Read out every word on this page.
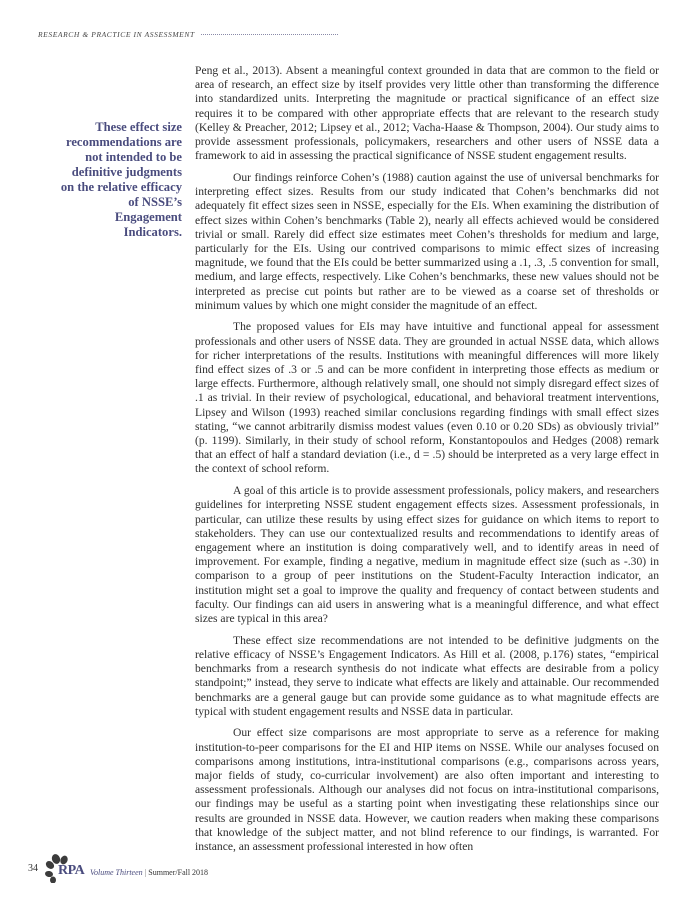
RESEARCH & PRACTICE IN ASSESSMENT
These effect size recommendations are not intended to be definitive judgments on the relative efficacy of NSSE’s Engagement Indicators.

Peng et al., 2013). Absent a meaningful context grounded in data that are common to the field or area of research, an effect size by itself provides very little other than transforming the difference into standardized units. Interpreting the magnitude or practical significance of an effect size requires it to be compared with other appropriate effects that are relevant to the research study (Kelley & Preacher, 2012; Lipsey et al., 2012; Vacha-Haase & Thompson, 2004). Our study aims to provide assessment professionals, policymakers, researchers and other users of NSSE data a framework to aid in assessing the practical significance of NSSE student engagement results.

Our findings reinforce Cohen’s (1988) caution against the use of universal benchmarks for interpreting effect sizes. Results from our study indicated that Cohen’s benchmarks did not adequately fit effect sizes seen in NSSE, especially for the EIs. When examining the distribution of effect sizes within Cohen’s benchmarks (Table 2), nearly all effects achieved would be considered trivial or small. Rarely did effect size estimates meet Cohen’s thresholds for medium and large, particularly for the EIs. Using our contrived comparisons to mimic effect sizes of increasing magnitude, we found that the EIs could be better summarized using a .1, .3, .5 convention for small, medium, and large effects, respectively. Like Cohen’s benchmarks, these new values should not be interpreted as precise cut points but rather are to be viewed as a coarse set of thresholds or minimum values by which one might consider the magnitude of an effect.

The proposed values for EIs may have intuitive and functional appeal for assessment professionals and other users of NSSE data. They are grounded in actual NSSE data, which allows for richer interpretations of the results. Institutions with meaningful differences will more likely find effect sizes of .3 or .5 and can be more confident in interpreting those effects as medium or large effects. Furthermore, although relatively small, one should not simply disregard effect sizes of .1 as trivial. In their review of psychological, educational, and behavioral treatment interventions, Lipsey and Wilson (1993) reached similar conclusions regarding findings with small effect sizes stating, “we cannot arbitrarily dismiss modest values (even 0.10 or 0.20 SDs) as obviously trivial” (p. 1199). Similarly, in their study of school reform, Konstantopoulos and Hedges (2008) remark that an effect of half a standard deviation (i.e., d = .5) should be interpreted as a very large effect in the context of school reform.

A goal of this article is to provide assessment professionals, policy makers, and researchers guidelines for interpreting NSSE student engagement effects sizes. Assessment professionals, in particular, can utilize these results by using effect sizes for guidance on which items to report to stakeholders. They can use our contextualized results and recommendations to identify areas of engagement where an institution is doing comparatively well, and to identify areas in need of improvement. For example, finding a negative, medium in magnitude effect size (such as -.30) in comparison to a group of peer institutions on the Student-Faculty Interaction indicator, an institution might set a goal to improve the quality and frequency of contact between students and faculty. Our findings can aid users in answering what is a meaningful difference, and what effect sizes are typical in this area?

These effect size recommendations are not intended to be definitive judgments on the relative efficacy of NSSE’s Engagement Indicators. As Hill et al. (2008, p.176) states, “empirical benchmarks from a research synthesis do not indicate what effects are desirable from a policy standpoint;” instead, they serve to indicate what effects are likely and attainable. Our recommended benchmarks are a general gauge but can provide some guidance as to what magnitude effects are typical with student engagement results and NSSE data in particular.

Our effect size comparisons are most appropriate to serve as a reference for making institution-to-peer comparisons for the EI and HIP items on NSSE. While our analyses focused on comparisons among institutions, intra-institutional comparisons (e.g., comparisons across years, major fields of study, co-curricular involvement) are also often important and interesting to assessment professionals. Although our analyses did not focus on intra-institutional comparisons, our findings may be useful as a starting point when investigating these relationships since our results are grounded in NSSE data. However, we caution readers when making these comparisons that knowledge of the subject matter, and not blind reference to our findings, is warranted. For instance, an assessment professional interested in how often

34 RPA Volume Thirteen | Summer/Fall 2018
